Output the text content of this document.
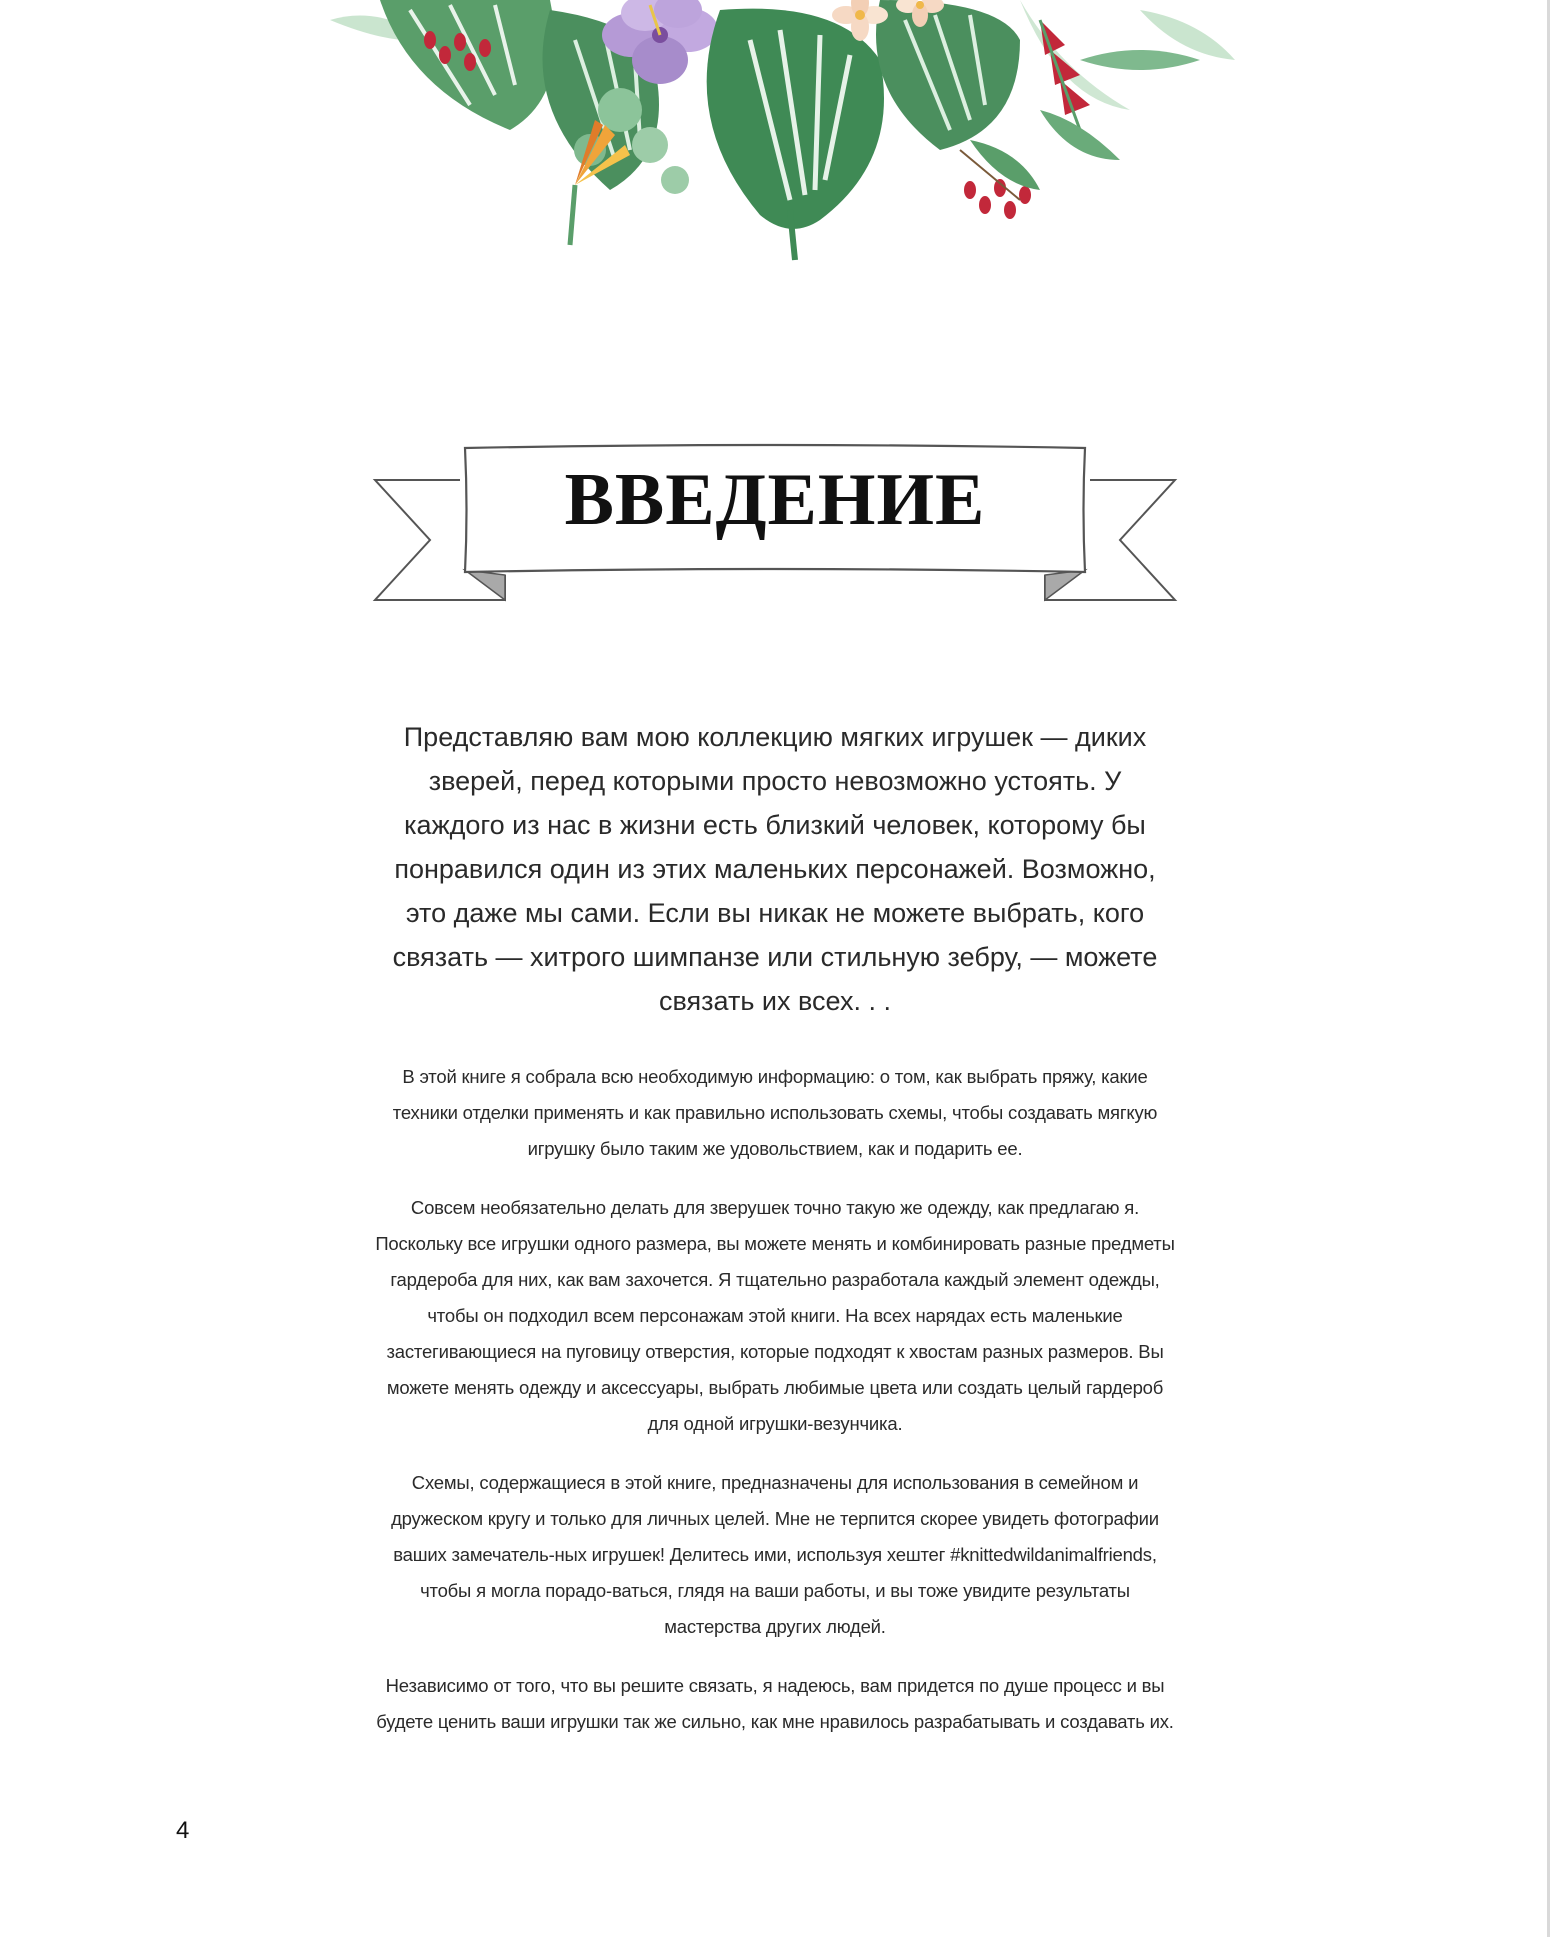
ВВЕДЕНИЕ

Представляю вам мою коллекцию мягких игрушек — диких зверей, перед которыми просто невозможно устоять. У каждого из нас в жизни есть близкий человек, которому бы понравился один из этих маленьких персонажей. Возможно, это даже мы сами. Если вы никак не можете выбрать, кого связать — хитрого шимпанзе или стильную зебру, — можете связать их всех. . .

В этой книге я собрала всю необходимую информацию: о том, как выбрать пряжу, какие техники отделки применять и как правильно использовать схемы, чтобы создавать мягкую игрушку было таким же удовольствием, как и подарить ее.

Совсем необязательно делать для зверушек точно такую же одежду, как предлагаю я. Поскольку все игрушки одного размера, вы можете менять и комбинировать разные предметы гардероба для них, как вам захочется. Я тщательно разработала каждый элемент одежды, чтобы он подходил всем персонажам этой книги. На всех нарядах есть маленькие застегивающиеся на пуговицу отверстия, которые подходят к хвостам разных размеров. Вы можете менять одежду и аксессуары, выбрать любимые цвета или создать целый гардероб для одной игрушки-везунчика.

Схемы, содержащиеся в этой книге, предназначены для использования в семейном и дружеском кругу и только для личных целей. Мне не терпится скорее увидеть фотографии ваших замечатель-ных игрушек! Делитесь ими, используя хештег #knittedwildanimalfriends, чтобы я могла порадо-ваться, глядя на ваши работы, и вы тоже увидите результаты мастерства других людей.

Независимо от того, что вы решите связать, я надеюсь, вам придется по душе процесс и вы будете ценить ваши игрушки так же сильно, как мне нравилось разрабатывать и создавать их.

4
